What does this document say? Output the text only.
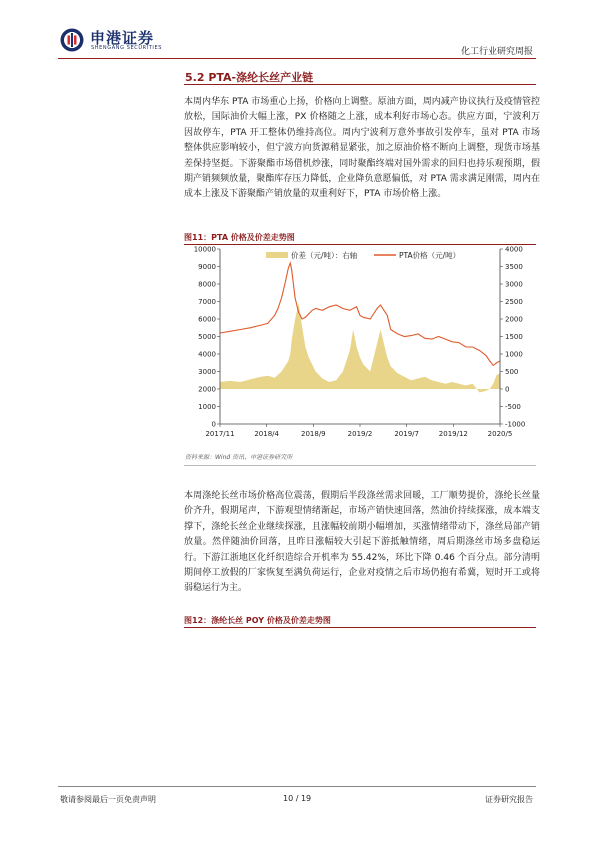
申港证券
SHENGANG SECURITIES	化工行业研究周报
5.2 PTA-涤纶长丝产业链
本周内华东 PTA 市场重心上扬，价格向上调整。原油方面，周内减产协议执行及疫情管控放松，国际油价大幅上涨，PX 价格随之上涨，成本利好市场心态。供应方面，宁波利万因故停车，PTA 开工整体仍维持高位。周内宁波利万意外事故引发停车，虽对 PTA 市场整体供应影响较小，但宁波方向货源稍显紧张，加之原油价格不断向上调整，现货市场基差保持坚挺。下游聚酯市场借机炒涨，同时聚酯终端对国外需求的回归也持乐观预期，假期产销频频放量，聚酯库存压力降低，企业降负意愿偏低，对 PTA 需求满足刚需，周内在成本上涨及下游聚酯产销放量的双重利好下，PTA 市场价格上涨。
图11：PTA 价格及价差走势图
0
1000
2000
3000
4000
5000
6000
7000
8000
9000
10000
-1000
-500
0
500
1000
1500
2000
2500
3000
3500
4000
2017/11	2018/4	2018/9	2019/2	2019/7	2019/12	2020/5
价差（元/吨）：右轴	PTA价格（元/吨）
资料来源：Wind 资讯、申港证券研究所
本周涤纶长丝市场价格高位震荡，假期后半段涤丝需求回暖，工厂顺势提价，涤纶长丝量价齐升，假期尾声，下游观望情绪渐起，市场产销快速回落，然油价持续探涨，成本端支撑下，涤纶长丝企业继续探涨，且涨幅较前期小幅增加，买涨情绪带动下，涤丝局部产销放量。然伴随油价回落，且昨日涨幅较大引起下游抵触情绪，周后期涤丝市场多盘稳运行。下游江浙地区化纤织造综合开机率为 55.42%，环比下降 0.46 个百分点。部分清明期间停工放假的厂家恢复至满负荷运行，企业对疫情之后市场仍抱有希冀，短时开工或将弱稳运行为主。
图12：涤纶长丝 POY 价格及价差走势图
敬请参阅最后一页免责声明	10 / 19	证券研究报告
